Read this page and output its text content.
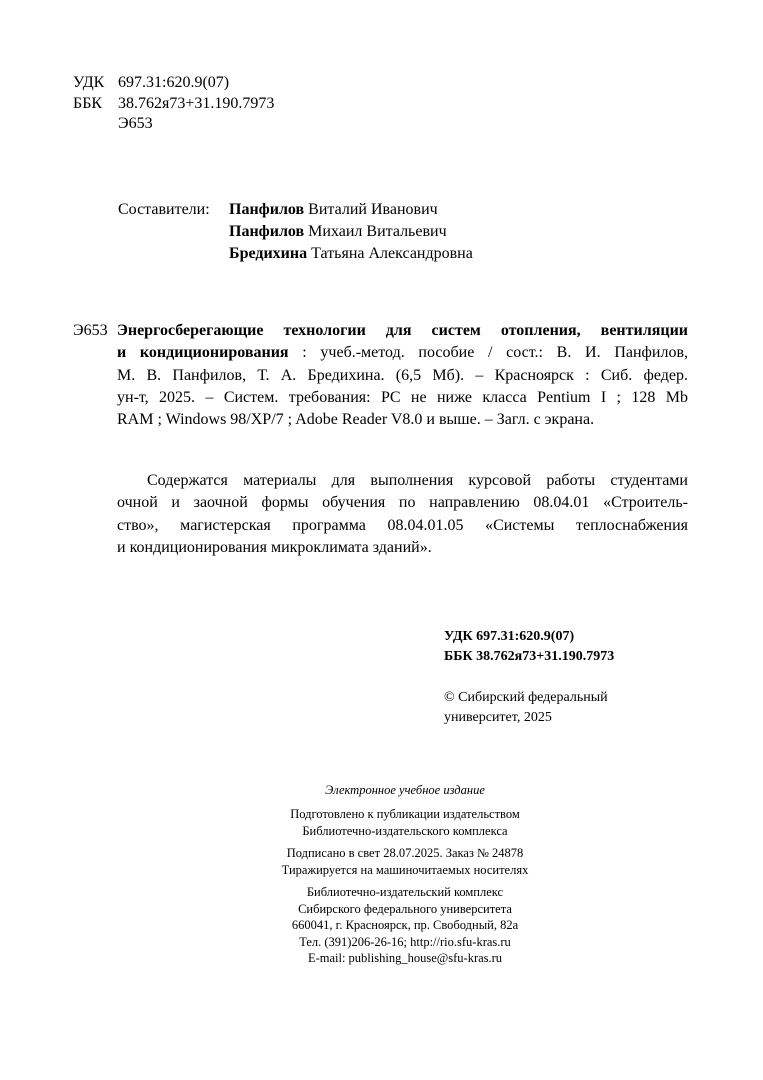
УДК 697.31:620.9(07)
ББК 38.762я73+31.190.7973
Э653
Составители: Панфилов Виталий Иванович
Панфилов Михаил Витальевич
Бредихина Татьяна Александровна
Э653 Энергосберегающие технологии для систем отопления, вентиляции
и кондиционирования : учеб.-метод. пособие / сост.: В. И. Панфилов,
М. В. Панфилов, Т. А. Бредихина. (6,5 Мб). – Красноярск : Сиб. федер.
ун-т, 2025. – Систем. требования: PC не ниже класса Pentium I ; 128 Mb
RAM ; Windows 98/XP/7 ; Adobe Reader V8.0 и выше. – Загл. с экрана.
Содержатся материалы для выполнения курсовой работы студентами
очной и заочной формы обучения по направлению 08.04.01 «Строитель-
ство», магистерская программа 08.04.01.05 «Системы теплоснабжения
и кондиционирования микроклимата зданий».
УДК 697.31:620.9(07)
ББК 38.762я73+31.190.7973
© Сибирский федеральный
университет, 2025
Электронное учебное издание
Подготовлено к публикации издательством
Библиотечно-издательского комплекса
Подписано в свет 28.07.2025. Заказ № 24878
Тиражируется на машиночитаемых носителях
Библиотечно-издательский комплекс
Сибирского федерального университета
660041, г. Красноярск, пр. Свободный, 82а
Тел. (391)206-26-16; http://rio.sfu-kras.ru
E-mail: publishing_house@sfu-kras.ru
